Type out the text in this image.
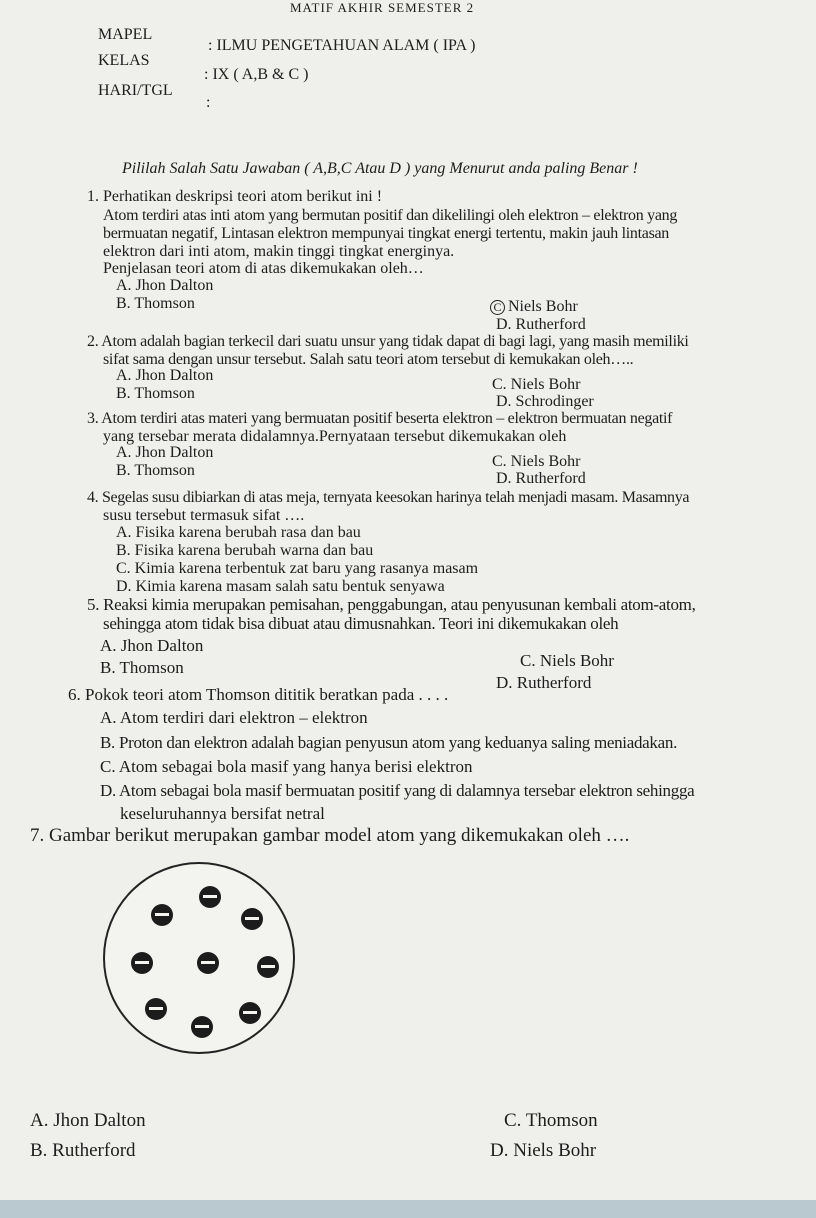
MATIF AKHIR SEMESTER 2
MAPEL
: ILMU PENGETAHUAN ALAM ( IPA )
KELAS
: IX ( A,B & C )
HARI/TGL
:
Pililah Salah Satu Jawaban ( A,B,C Atau D ) yang Menurut anda paling Benar !
1. Perhatikan deskripsi teori atom berikut ini !
Atom terdiri atas inti atom yang bermutan positif dan dikelilingi oleh elektron – elektron yang
bermuatan negatif, Lintasan elektron mempunyai tingkat energi tertentu, makin jauh lintasan
elektron dari inti atom, makin tinggi tingkat energinya.
Penjelasan teori atom di atas dikemukakan oleh…
A. Jhon Dalton
B. Thomson	C Niels Bohr
D. Rutherford
2. Atom adalah bagian terkecil dari suatu unsur yang tidak dapat di bagi lagi, yang masih memiliki
sifat sama dengan unsur tersebut. Salah satu teori atom tersebut di kemukakan oleh…..
A. Jhon Dalton
B. Thomson
C. Niels Bohr
D. Schrodinger
3. Atom terdiri atas materi yang bermuatan positif beserta elektron – elektron bermuatan negatif
yang tersebar merata didalamnya.Pernyataan tersebut dikemukakan oleh
A. Jhon Dalton
B. Thomson
C. Niels Bohr
D. Rutherford
4. Segelas susu dibiarkan di atas meja, ternyata keesokan harinya telah menjadi masam. Masamnya
susu tersebut termasuk sifat ….
A. Fisika karena berubah rasa dan bau
B. Fisika karena berubah warna dan bau
C. Kimia karena terbentuk zat baru yang rasanya masam
D. Kimia karena masam salah satu bentuk senyawa
5. Reaksi kimia merupakan pemisahan, penggabungan, atau penyusunan kembali atom-atom,
sehingga atom tidak bisa dibuat atau dimusnahkan. Teori ini dikemukakan oleh
A. Jhon Dalton
B. Thomson	C. Niels Bohr
D. Rutherford
6. Pokok teori atom Thomson dititik beratkan pada . . . .
A. Atom terdiri dari elektron – elektron
B. Proton dan elektron adalah bagian penyusun atom yang keduanya saling meniadakan.
C. Atom sebagai bola masif yang hanya berisi elektron
D. Atom sebagai bola masif bermuatan positif yang di dalamnya tersebar elektron sehingga
keseluruhannya bersifat netral
7. Gambar berikut merupakan gambar model atom yang dikemukakan oleh ….
A. Jhon Dalton	C. Thomson
B. Rutherford	D. Niels Bohr
